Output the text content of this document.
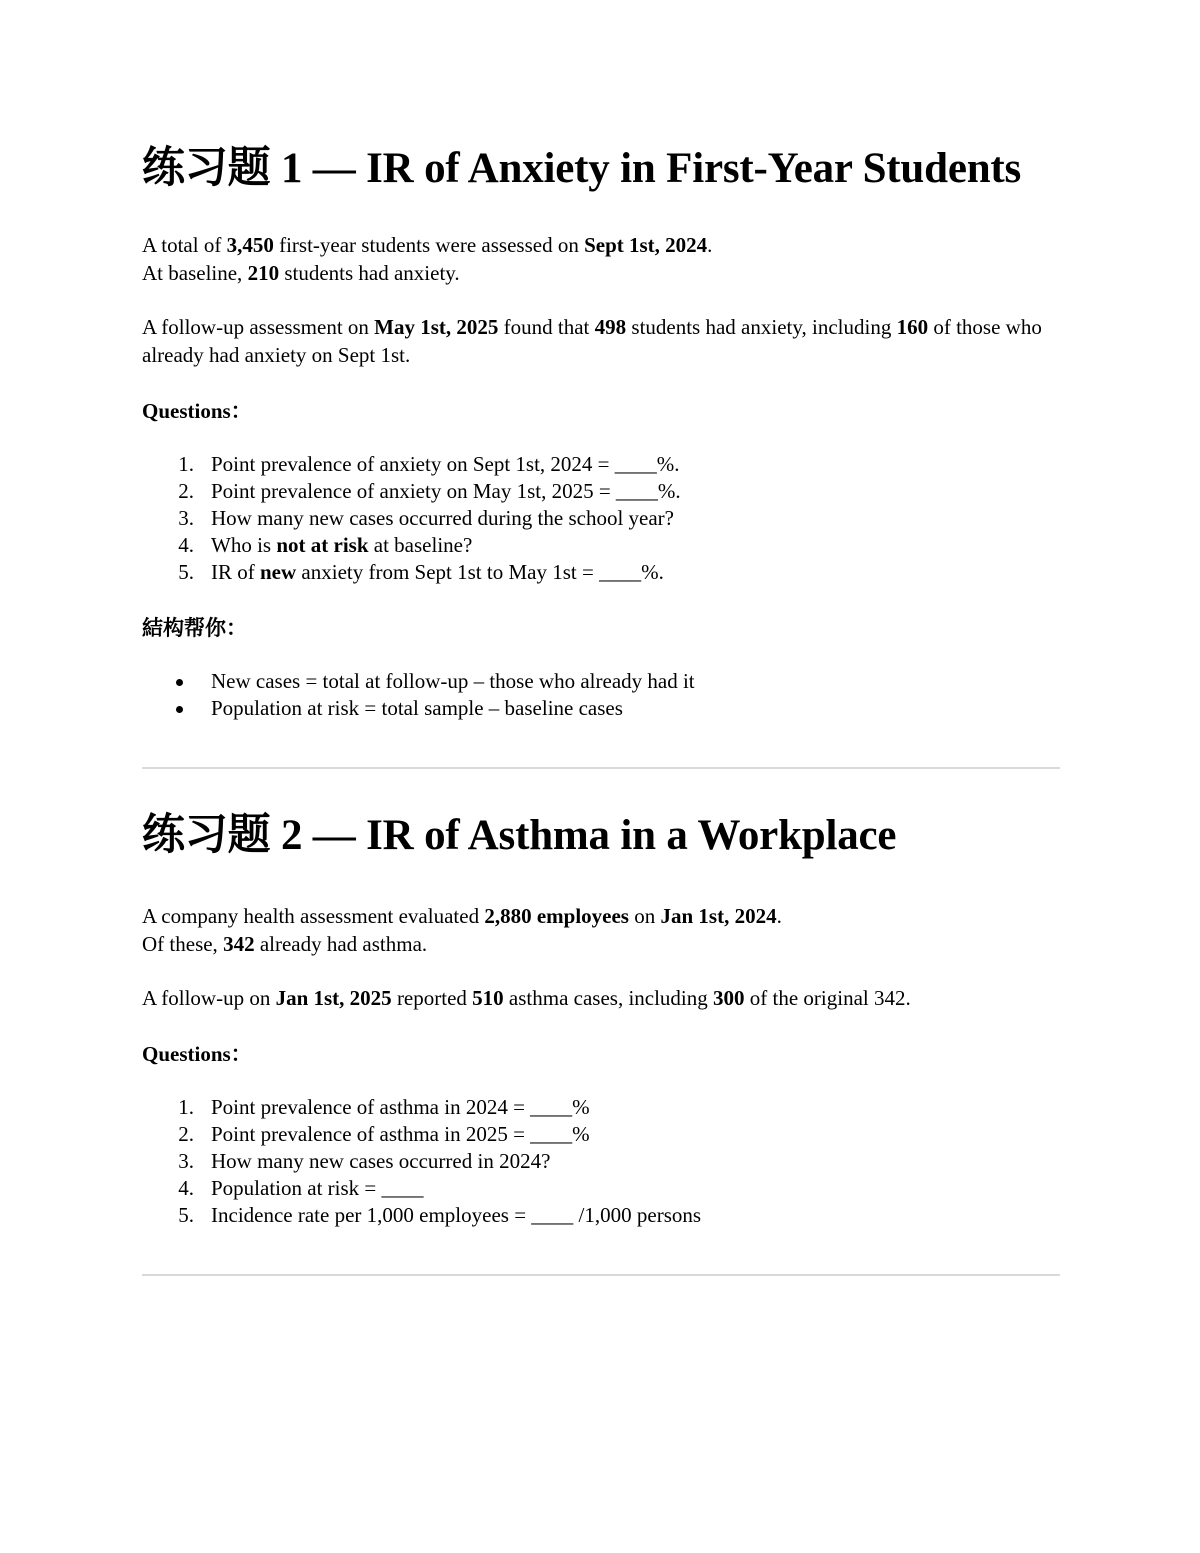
练习题 1 — IR of Anxiety in First-Year Students

A total of 3,450 first-year students were assessed on Sept 1st, 2024.

At baseline, 210 students had anxiety.

A follow-up assessment on May 1st, 2025 found that 498 students had anxiety, including 160 of those who already had anxiety on Sept 1st.

Questions：

1. Point prevalence of anxiety on Sept 1st, 2024 = ____%.
2. Point prevalence of anxiety on May 1st, 2025 = ____%.
3. How many new cases occurred during the school year?
4. Who is not at risk at baseline?
5. IR of new anxiety from Sept 1st to May 1st = ____%.

結构帮你：

New cases = total at follow-up – those who already had it
Population at risk = total sample – baseline cases
练习题 2 — IR of Asthma in a Workplace

A company health assessment evaluated 2,880 employees on Jan 1st, 2024.

Of these, 342 already had asthma.

A follow-up on Jan 1st, 2025 reported 510 asthma cases, including 300 of the original 342.

Questions：

1. Point prevalence of asthma in 2024 = ____%
2. Point prevalence of asthma in 2025 = ____%
3. How many new cases occurred in 2024?
4. Population at risk = ____
5. Incidence rate per 1,000 employees = ____ /1,000 persons
